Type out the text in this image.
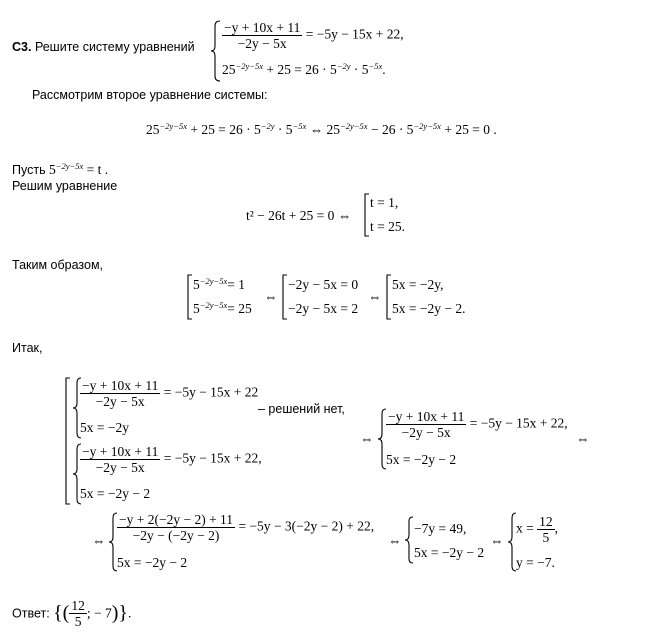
С3. Решите систему уравнений $\frac{-y + 10x + 11}{-2y - 5x} = -5y - 15x + 22$,
$25^{-2y-5x} + 25 = 26 \cdot 5^{-2y} \cdot 5^{-5x}$.
Рассмотрим второе уравнение системы:
$25^{-2y-5x} + 25 = 26 \cdot 5^{-2y} \cdot 5^{-5x}$ ⇔ $25^{-2y-5x} - 26 \cdot 5^{-2y-5x} + 25 = 0$ .
Пусть $5^{-2y-5x} = t$ .
Решим уравнение
t² − 26t + 25 = 0 ⇔
t = 1,
t = 25.
Таким образом,
$5^{-2y-5x}= 1$
$5^{-2y-5x}= 25$
⇔
−2y − 5x = 0
−2y − 5x = 2
⇔
5x = −2y,
5x = −2y − 2.
Итак,
$\frac{-y + 10x + 11}{-2y - 5x} = -5y - 15x + 22$
– решений нет,
5x = −2y
$\frac{-y + 10x + 11}{-2y - 5x} = -5y - 15x + 22$,
5x = −2y − 2
⇔ $\frac{-y + 10x + 11}{-2y - 5x} = -5y - 15x + 22$,
5x = −2y − 2
⇔
⇔ $\frac{-y + 2(-2y - 2) + 11}{-2y - (-2y - 2)} = -5y - 3(-2y - 2) + 22$,
5x = −2y − 2
⇔
−7y = 49,
5x = −2y − 2
⇔
$x = \frac{12}{5}$ ,
y = −7.
Ответ: {( $\frac{12}{5}$ ; − 7)}.
